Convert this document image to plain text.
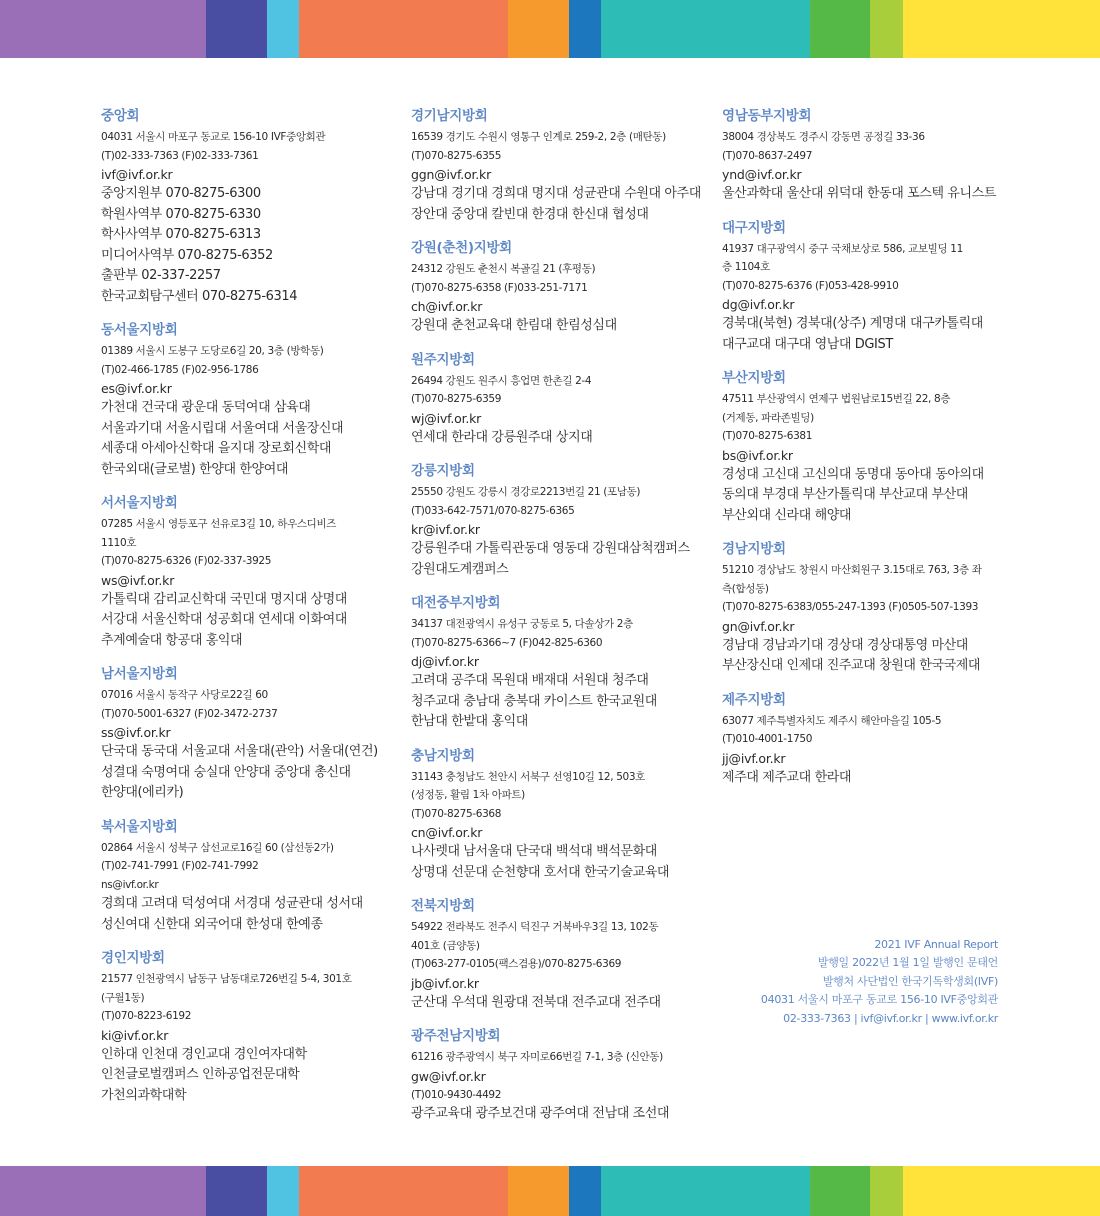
중앙회
04031 서울시 마포구 동교로 156-10 IVF중앙회관
(T)02-333-7363 (F)02-333-7361
ivf@ivf.or.kr
중앙지원부 070-8275-6300
학원사역부 070-8275-6330
학사사역부 070-8275-6313
미디어사역부 070-8275-6352
출판부 02-337-2257
한국교회탐구센터 070-8275-6314
동서울지방회
01389 서울시 도봉구 도당로6길 20, 3층 (방학동)
(T)02-466-1785 (F)02-956-1786
es@ivf.or.kr
가천대 건국대 광운대 동덕여대 삼육대
서울과기대 서울시립대 서울여대 서울장신대
세종대 아세아신학대 을지대 장로회신학대
한국외대(글로벌) 한양대 한양여대
서서울지방회
07285 서울시 영등포구 선유로3길 10, 하우스디비즈
1110호
(T)070-8275-6326 (F)02-337-3925
ws@ivf.or.kr
가톨릭대 감리교신학대 국민대 명지대 상명대
서강대 서울신학대 성공회대 연세대 이화여대
추계예술대 항공대 홍익대
남서울지방회
07016 서울시 동작구 사당로22길 60
(T)070-5001-6327 (F)02-3472-2737
ss@ivf.or.kr
단국대 동국대 서울교대 서울대(관악) 서울대(연건)
성결대 숙명여대 숭실대 안양대 중앙대 총신대
한양대(에리카)
북서울지방회
02864 서울시 성북구 삼선교로16길 60 (삼선동2가)
(T)02-741-7991 (F)02-741-7992
ns@ivf.or.kr
경희대 고려대 덕성여대 서경대 성균관대 성서대
성신여대 신한대 외국어대 한성대 한예종
경인지방회
21577 인천광역시 남동구 남동대로726번길 5-4, 301호
(구월1동)
(T)070-8223-6192
ki@ivf.or.kr
인하대 인천대 경인교대 경인여자대학
인천글로벌캠퍼스 인하공업전문대학
가천의과학대학
경기남지방회
16539 경기도 수원시 영통구 인계로 259-2, 2층 (매탄동)
(T)070-8275-6355
ggn@ivf.or.kr
강남대 경기대 경희대 명지대 성균관대 수원대 아주대
장안대 중앙대 칼빈대 한경대 한신대 협성대
강원(춘천)지방회
24312 강원도 춘천시 복골길 21 (후평동)
(T)070-8275-6358 (F)033-251-7171
ch@ivf.or.kr
강원대 춘천교육대 한림대 한림성심대
원주지방회
26494 강원도 원주시 흥업면 한촌길 2-4
(T)070-8275-6359
wj@ivf.or.kr
연세대 한라대 강릉원주대 상지대
강릉지방회
25550 강원도 강릉시 경강로2213번길 21 (포남동)
(T)033-642-7571/070-8275-6365
kr@ivf.or.kr
강릉원주대 가톨릭관동대 영동대 강원대삼척캠퍼스
강원대도계캠퍼스
대전중부지방회
34137 대전광역시 유성구 궁동로 5, 다솔상가 2층
(T)070-8275-6366~7 (F)042-825-6360
dj@ivf.or.kr
고려대 공주대 목원대 배재대 서원대 청주대
청주교대 충남대 충북대 카이스트 한국교원대
한남대 한밭대 홍익대
충남지방회
31143 충청남도 천안시 서북구 선영10길 12, 503호
(성정동, 활림 1차 아파트)
(T)070-8275-6368
cn@ivf.or.kr
나사렛대 남서울대 단국대 백석대 백석문화대
상명대 선문대 순천향대 호서대 한국기술교육대
전북지방회
54922 전라북도 전주시 덕진구 거북바우3길 13, 102동
401호 (금양동)
(T)063-277-0105(팩스겸용)/070-8275-6369
jb@ivf.or.kr
군산대 우석대 원광대 전북대 전주교대 전주대
광주전남지방회
61216 광주광역시 북구 자미로66번길 7-1, 3층 (신안동)
gw@ivf.or.kr
(T)010-9430-4492
광주교육대 광주보건대 광주여대 전남대 조선대
영남동부지방회
38004 경상북도 경주시 강동면 공정길 33-36
(T)070-8637-2497
ynd@ivf.or.kr
울산과학대 울산대 위덕대 한동대 포스텍 유니스트
대구지방회
41937 대구광역시 중구 국채보상로 586, 교보빌딩 11
층 1104호
(T)070-8275-6376 (F)053-428-9910
dg@ivf.or.kr
경북대(북현) 경북대(상주) 계명대 대구카톨릭대
대구교대 대구대 영남대 DGIST
부산지방회
47511 부산광역시 연제구 법원남로15번길 22, 8층
(거제동, 파라존빌딩)
(T)070-8275-6381
bs@ivf.or.kr
경성대 고신대 고신의대 동명대 동아대 동아의대
동의대 부경대 부산가톨릭대 부산교대 부산대
부산외대 신라대 해양대
경남지방회
51210 경상남도 창원시 마산회원구 3.15대로 763, 3층 좌
측(합성동)
(T)070-8275-6383/055-247-1393 (F)0505-507-1393
gn@ivf.or.kr
경남대 경남과기대 경상대 경상대통영 마산대
부산장신대 인제대 진주교대 창원대 한국국제대
제주지방회
63077 제주특별자치도 제주시 해안마을길 105-5
(T)010-4001-1750
jj@ivf.or.kr
제주대 제주교대 한라대
2021 IVF Annual Report
발행일 2022년 1월 1일 발행인 문태언
발행처 사단법인 한국기독학생회(IVF)
04031 서울시 마포구 동교로 156-10 IVF중앙회관
02-333-7363 | ivf@ivf.or.kr | www.ivf.or.kr
